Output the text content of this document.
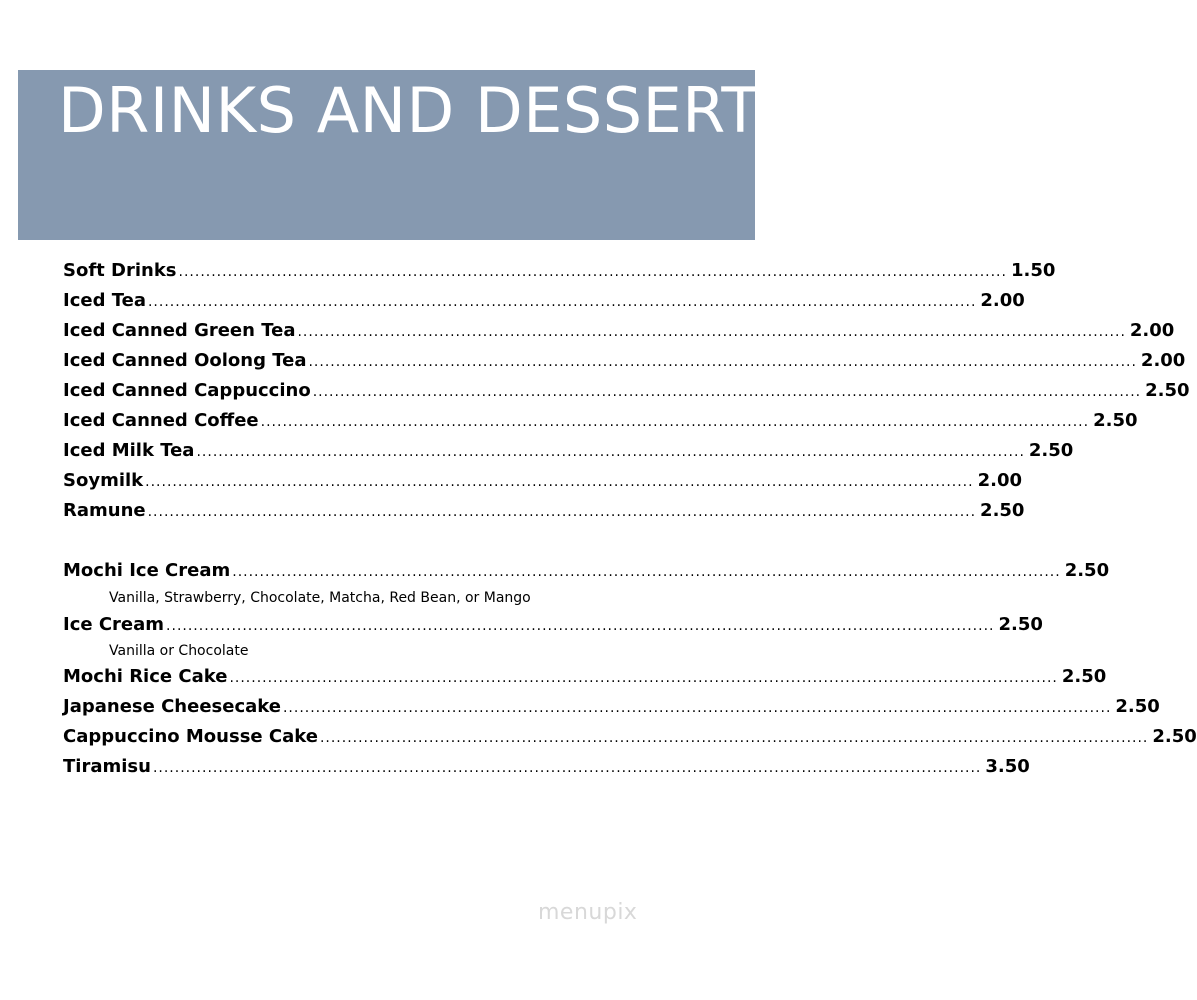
DRINKS AND DESSERT
Soft Drinks ........................................................................................................................................................ 1.50
Iced Tea ........................................................................................................................................................ 2.00
Iced Canned Green Tea ........................................................................................................................................................ 2.00
Iced Canned Oolong Tea ........................................................................................................................................................ 2.00
Iced Canned Cappuccino ........................................................................................................................................................ 2.50
Iced Canned Coffee ........................................................................................................................................................ 2.50
Iced Milk Tea ........................................................................................................................................................ 2.50
Soymilk ........................................................................................................................................................ 2.00
Ramune ........................................................................................................................................................ 2.50
Mochi Ice Cream ........................................................................................................................................................ 2.50
Vanilla, Strawberry, Chocolate, Matcha, Red Bean, or Mango
Ice Cream ........................................................................................................................................................ 2.50
Vanilla or Chocolate
Mochi Rice Cake ........................................................................................................................................................ 2.50
Japanese Cheesecake ........................................................................................................................................................ 2.50
Cappuccino Mousse Cake ........................................................................................................................................................ 2.50
Tiramisu ........................................................................................................................................................ 3.50
menupix
